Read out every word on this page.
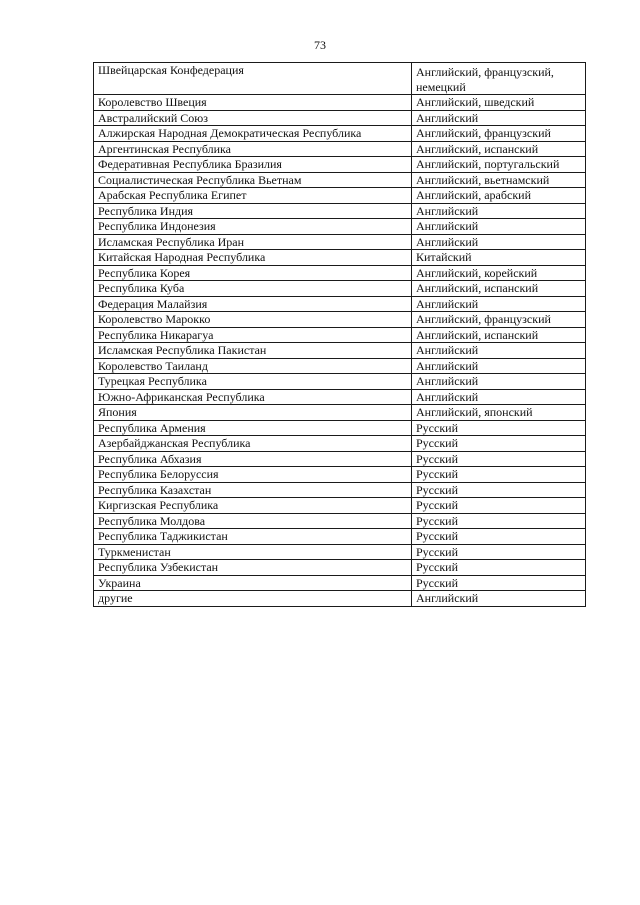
73
Швейцарская Конфедерация	Английский, французский, немецкий
Королевство Швеция	Английский, шведский
Австралийский Союз	Английский
Алжирская Народная Демократическая Республика	Английский, французский
Аргентинская Республика	Английский, испанский
Федеративная Республика Бразилия	Английский, португальский
Социалистическая Республика Вьетнам	Английский, вьетнамский
Арабская Республика Египет	Английский, арабский
Республика Индия	Английский
Республика Индонезия	Английский
Исламская Республика Иран	Английский
Китайская Народная Республика	Китайский
Республика Корея	Английский, корейский
Республика Куба	Английский, испанский
Федерация Малайзия	Английский
Королевство Марокко	Английский, французский
Республика Никарагуа	Английский, испанский
Исламская Республика Пакистан	Английский
Королевство Таиланд	Английский
Турецкая Республика	Английский
Южно-Африканская Республика	Английский
Япония	Английский, японский
Республика Армения	Русский
Азербайджанская Республика	Русский
Республика Абхазия	Русский
Республика Белоруссия	Русский
Республика Казахстан	Русский
Киргизская Республика	Русский
Республика Молдова	Русский
Республика Таджикистан	Русский
Туркменистан	Русский
Республика Узбекистан	Русский
Украина	Русский
другие	Английский
